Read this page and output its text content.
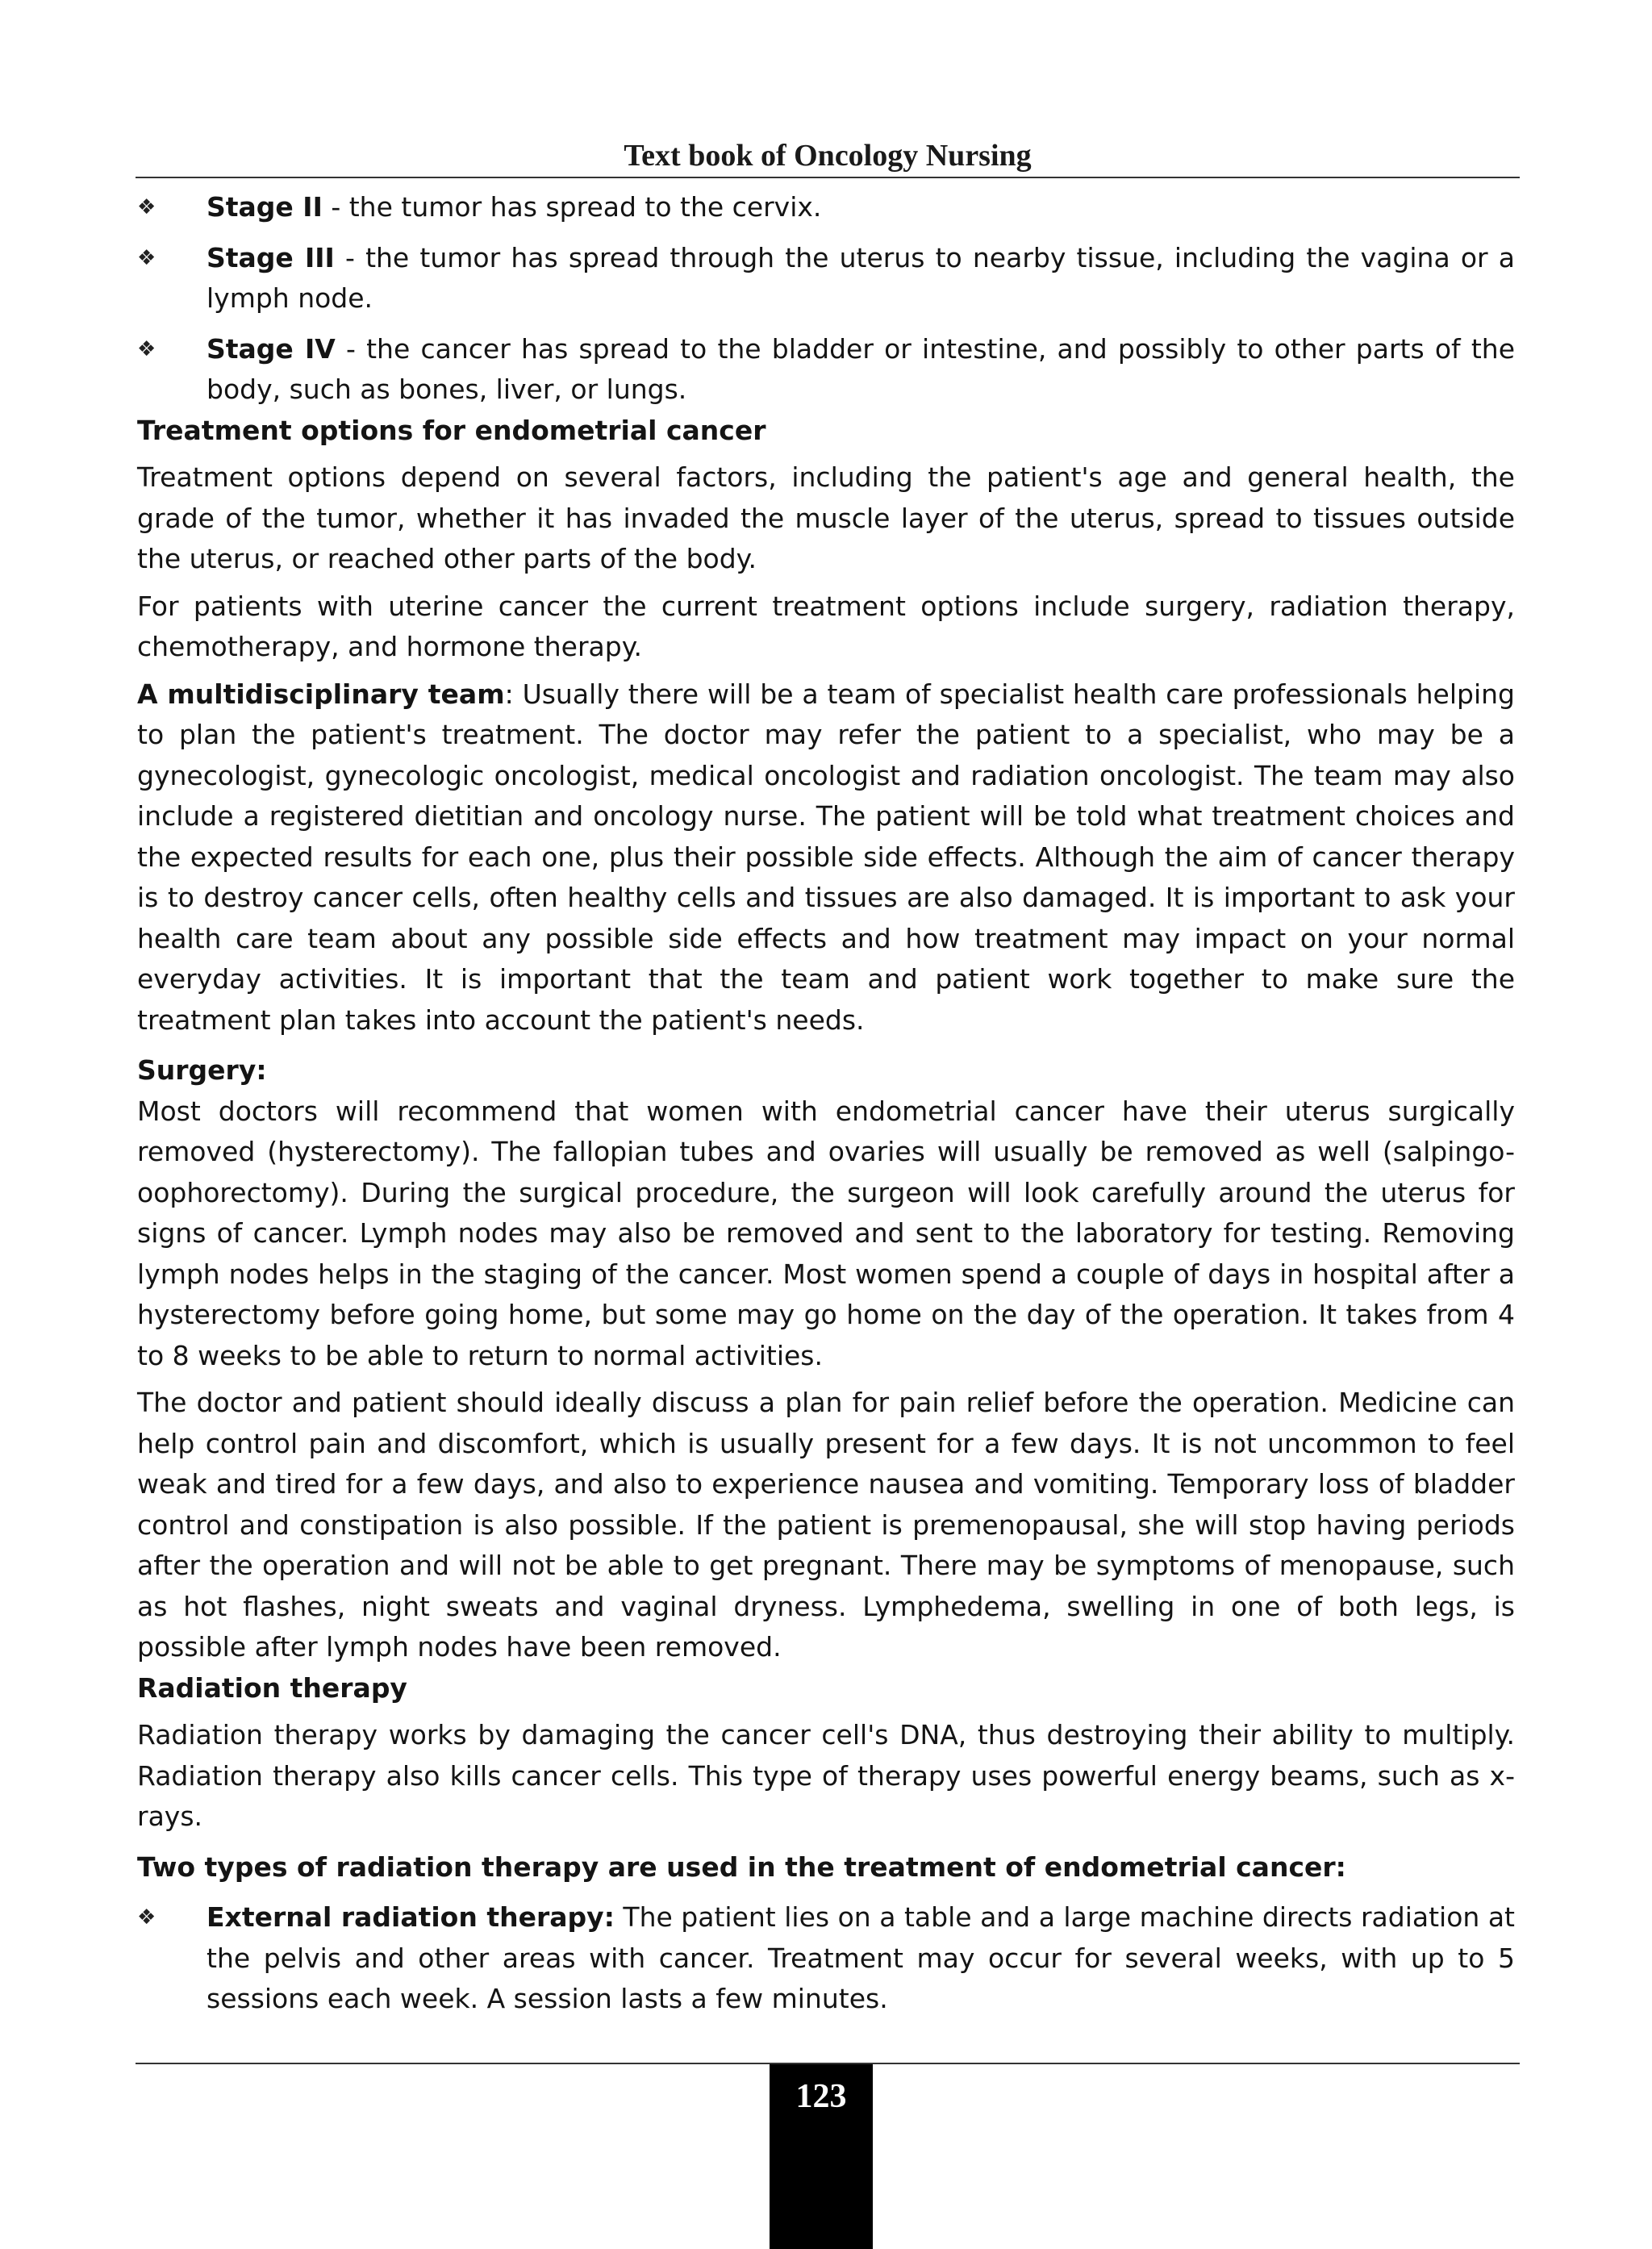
Text book of Oncology Nursing

❖	Stage II - the tumor has spread to the cervix.

❖	Stage III - the tumor has spread through the uterus to nearby tissue, including the vagina or a lymph node.

❖	Stage IV - the cancer has spread to the bladder or intestine, and possibly to other parts of the body, such as bones, liver, or lungs.

Treatment options for endometrial cancer

Treatment options depend on several factors, including the patient's age and general health, the grade of the tumor, whether it has invaded the muscle layer of the uterus, spread to tissues outside the uterus, or reached other parts of the body.

For patients with uterine cancer the current treatment options include surgery, radiation therapy, chemotherapy, and hormone therapy.

A multidisciplinary team: Usually there will be a team of specialist health care professionals helping to plan the patient's treatment. The doctor may refer the patient to a specialist, who may be a gynecologist, gynecologic oncologist, medical oncologist and radiation oncologist. The team may also include a registered dietitian and oncology nurse. The patient will be told what treatment choices and the expected results for each one, plus their possible side effects. Although the aim of cancer therapy is to destroy cancer cells, often healthy cells and tissues are also damaged. It is important to ask your health care team about any possible side effects and how treatment may impact on your normal everyday activities. It is important that the team and patient work together to make sure the treatment plan takes into account the patient's needs.

Surgery:

Most doctors will recommend that women with endometrial cancer have their uterus surgically removed (hysterectomy). The fallopian tubes and ovaries will usually be removed as well (salpingo-oophorectomy). During the surgical procedure, the surgeon will look carefully around the uterus for signs of cancer. Lymph nodes may also be removed and sent to the laboratory for testing. Removing lymph nodes helps in the staging of the cancer. Most women spend a couple of days in hospital after a hysterectomy before going home, but some may go home on the day of the operation. It takes from 4 to 8 weeks to be able to return to normal activities.

The doctor and patient should ideally discuss a plan for pain relief before the operation. Medicine can help control pain and discomfort, which is usually present for a few days. It is not uncommon to feel weak and tired for a few days, and also to experience nausea and vomiting. Temporary loss of bladder control and constipation is also possible. If the patient is premenopausal, she will stop having periods after the operation and will not be able to get pregnant. There may be symptoms of menopause, such as hot flashes, night sweats and vaginal dryness. Lymphedema, swelling in one of both legs, is possible after lymph nodes have been removed.

Radiation therapy

Radiation therapy works by damaging the cancer cell's DNA, thus destroying their ability to multiply. Radiation therapy also kills cancer cells. This type of therapy uses powerful energy beams, such as x-rays.

Two types of radiation therapy are used in the treatment of endometrial cancer:

❖	External radiation therapy: The patient lies on a table and a large machine directs radiation at the pelvis and other areas with cancer. Treatment may occur for several weeks, with up to 5 sessions each week. A session lasts a few minutes.

123
